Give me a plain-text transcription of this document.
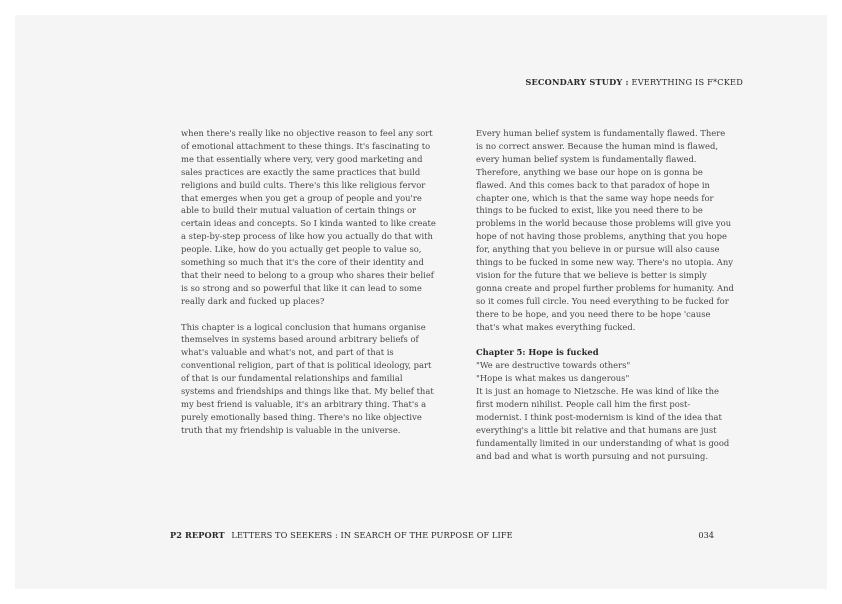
SECONDARY STUDY : EVERYTHING IS F*CKED

when there's really like no objective reason to feel any sort of emotional attachment to these things. It's fascinating to me that essentially where very, very good marketing and sales practices are exactly the same practices that build religions and build cults. There's this like religious fervor that emerges when you get a group of people and you're able to build their mutual valuation of certain things or certain ideas and concepts. So I kinda wanted to like create a step-by-step process of like how you actually do that with people. Like, how do you actually get people to value so, something so much that it's the core of their identity and that their need to belong to a group who shares their belief is so strong and so powerful that like it can lead to some really dark and fucked up places?

This chapter is a logical conclusion that humans organise themselves in systems based around arbitrary beliefs of what's valuable and what's not, and part of that is conventional religion, part of that is political ideology, part of that is our fundamental relationships and familial systems and friendships and things like that. My belief that my best friend is valuable, it's an arbitrary thing. That's a purely emotionally based thing. There's no like objective truth that my friendship is valuable in the universe.

Every human belief system is fundamentally flawed. There is no correct answer. Because the human mind is flawed, every human belief system is fundamentally flawed. Therefore, anything we base our hope on is gonna be flawed. And this comes back to that paradox of hope in chapter one, which is that the same way hope needs for things to be fucked to exist, like you need there to be problems in the world because those problems will give you hope of not having those problems, anything that you hope for, anything that you believe in or pursue will also cause things to be fucked in some new way. There's no utopia. Any vision for the future that we believe is better is simply gonna create and propel further problems for humanity. And so it comes full circle. You need everything to be fucked for there to be hope, and you need there to be hope 'cause that's what makes everything fucked.

Chapter 5: Hope is fucked

"We are destructive towards others"

"Hope is what makes us dangerous"

It is just an homage to Nietzsche. He was kind of like the first modern nihilist. People call him the first post-modernist. I think post-modernism is kind of the idea that everything's a little bit relative and that humans are just fundamentally limited in our understanding of what is good and bad and what is worth pursuing and not pursuing.

P2 REPORT LETTERS TO SEEKERS : IN SEARCH OF THE PURPOSE OF LIFE	034
